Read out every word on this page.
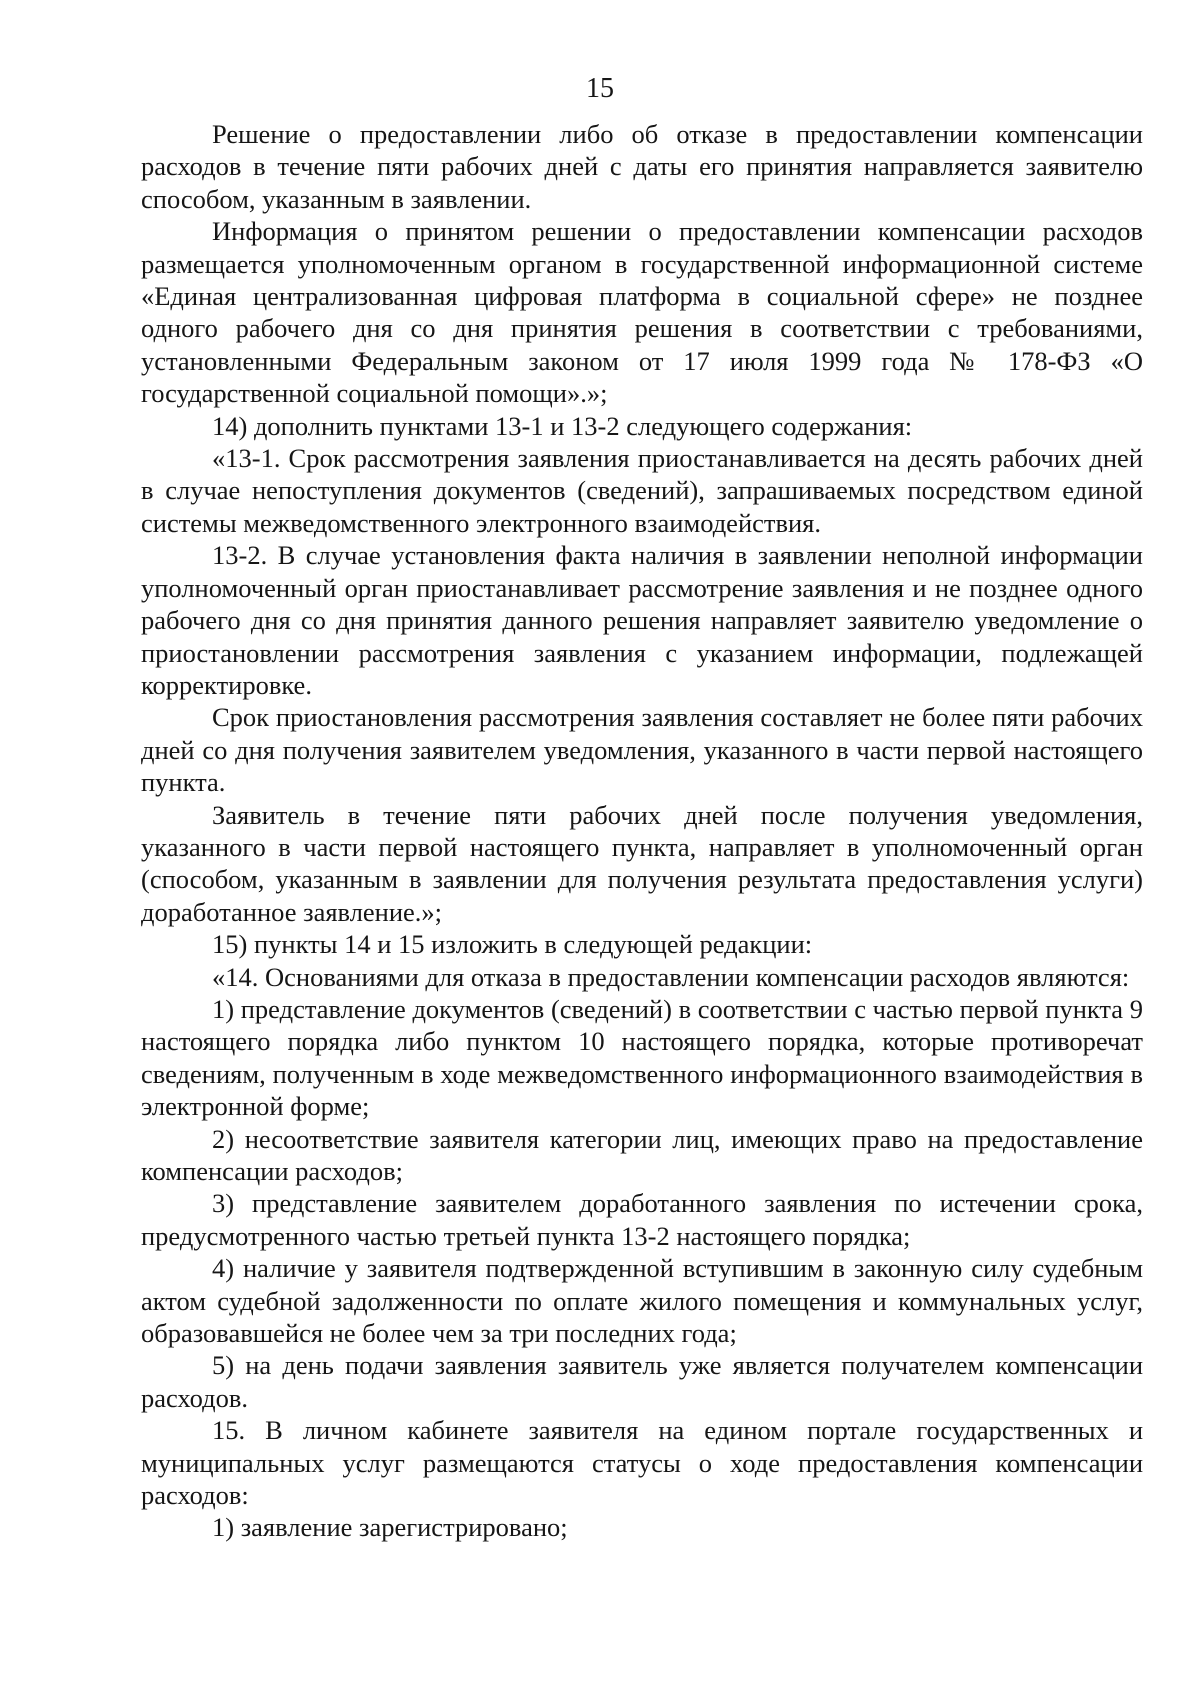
15

Решение о предоставлении либо об отказе в предоставлении компенсации расходов в течение пяти рабочих дней с даты его принятия направляется заявителю способом, указанным в заявлении.

Информация о принятом решении о предоставлении компенсации расходов размещается уполномоченным органом в государственной информационной системе «Единая централизованная цифровая платформа в социальной сфере» не позднее одного рабочего дня со дня принятия решения в соответствии с требованиями, установленными Федеральным законом от 17 июля 1999 года № 178-ФЗ «О государственной социальной помощи».»;

14) дополнить пунктами 13-1 и 13-2 следующего содержания:

«13-1. Срок рассмотрения заявления приостанавливается на десять рабочих дней в случае непоступления документов (сведений), запрашиваемых посредством единой системы межведомственного электронного взаимодействия.

13-2. В случае установления факта наличия в заявлении неполной информации уполномоченный орган приостанавливает рассмотрение заявления и не позднее одного рабочего дня со дня принятия данного решения направляет заявителю уведомление о приостановлении рассмотрения заявления с указанием информации, подлежащей корректировке.

Срок приостановления рассмотрения заявления составляет не более пяти рабочих дней со дня получения заявителем уведомления, указанного в части первой настоящего пункта.

Заявитель в течение пяти рабочих дней после получения уведомления, указанного в части первой настоящего пункта, направляет в уполномоченный орган (способом, указанным в заявлении для получения результата предоставления услуги) доработанное заявление.»;

15) пункты 14 и 15 изложить в следующей редакции:

«14. Основаниями для отказа в предоставлении компенсации расходов являются:

1) представление документов (сведений) в соответствии с частью первой пункта 9 настоящего порядка либо пунктом 10 настоящего порядка, которые противоречат сведениям, полученным в ходе межведомственного информационного взаимодействия в электронной форме;

2) несоответствие заявителя категории лиц, имеющих право на предоставление компенсации расходов;

3) представление заявителем доработанного заявления по истечении срока, предусмотренного частью третьей пункта 13-2 настоящего порядка;

4) наличие у заявителя подтвержденной вступившим в законную силу судебным актом судебной задолженности по оплате жилого помещения и коммунальных услуг, образовавшейся не более чем за три последних года;

5) на день подачи заявления заявитель уже является получателем компенсации расходов.

15. В личном кабинете заявителя на едином портале государственных и муниципальных услуг размещаются статусы о ходе предоставления компенсации расходов:

1) заявление зарегистрировано;
